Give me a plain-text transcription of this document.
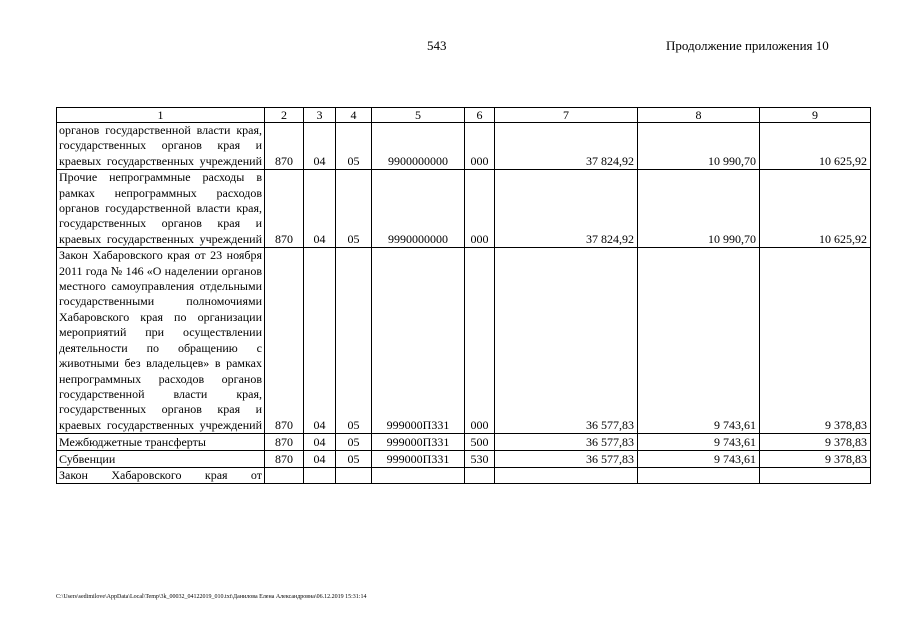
543	Продолжение приложения 10
1	2	3	4	5	6	7	8	9
органов государственной власти края, государственных органов края и краевых государственных учреждений	870	04	05	9900000000	000	37 824,92	10 990,70	10 625,92
Прочие непрограммные расходы в рамках непрограммных расходов органов государственной власти края, государственных органов края и краевых государственных учреждений	870	04	05	9990000000	000	37 824,92	10 990,70	10 625,92
Закон Хабаровского края от 23 ноября 2011 года № 146 «О наделении органов местного самоуправления отдельными государственными полномочиями Хабаровского края по организации мероприятий при осуществлении деятельности по обращению с животными без владельцев» в рамках непрограммных расходов органов государственной власти края, государственных органов края и краевых государственных учреждений	870	04	05	999000П331	000	36 577,83	9 743,61	9 378,83
Межбюджетные трансферты	870	04	05	999000П331	500	36 577,83	9 743,61	9 378,83
Субвенции	870	04	05	999000П331	530	36 577,83	9 743,61	9 378,83
Закон Хабаровского края от								
C:\Users\sedimilove\AppData\Local\Temp\3k_00032_04122019_010.txt\Данилова Елена Александровна\06.12.2019 15:31:14
